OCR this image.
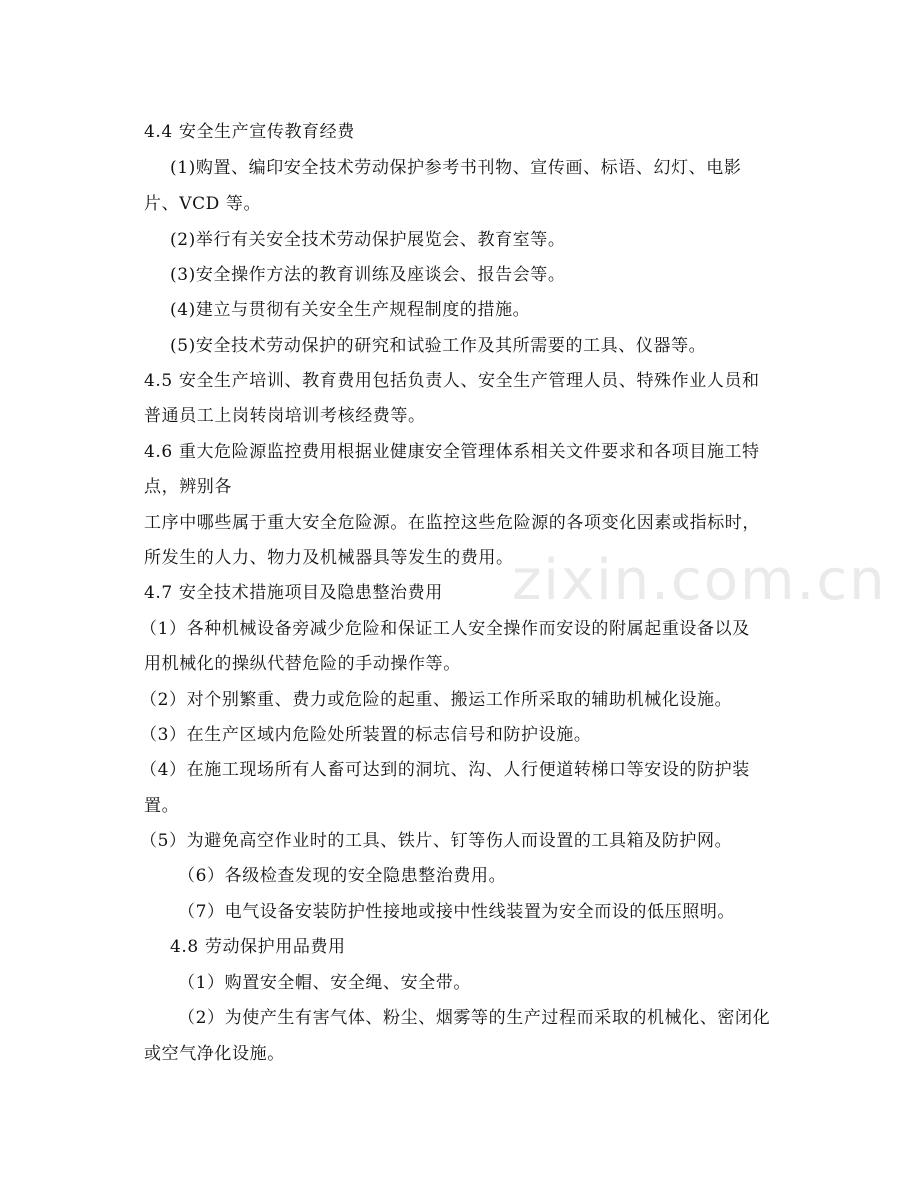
zixin.com.cn
4.4 安全生产宣传教育经费
(1)购置、编印安全技术劳动保护参考书刊物、宣传画、标语、幻灯、电影
片、VCD 等。
(2)举行有关安全技术劳动保护展览会、教育室等。
(3)安全操作方法的教育训练及座谈会、报告会等。
(4)建立与贯彻有关安全生产规程制度的措施。
(5)安全技术劳动保护的研究和试验工作及其所需要的工具、仪器等。
4.5 安全生产培训、教育费用包括负责人、安全生产管理人员、特殊作业人员和
普通员工上岗转岗培训考核经费等。
4.6 重大危险源监控费用根据业健康安全管理体系相关文件要求和各项目施工特
点，辨别各
工序中哪些属于重大安全危险源。在监控这些危险源的各项变化因素或指标时，
所发生的人力、物力及机械器具等发生的费用。
4.7 安全技术措施项目及隐患整治费用
（1）各种机械设备旁减少危险和保证工人安全操作而安设的附属起重设备以及
用机械化的操纵代替危险的手动操作等。
（2）对个别繁重、费力或危险的起重、搬运工作所采取的辅助机械化设施。
（3）在生产区域内危险处所装置的标志信号和防护设施。
（4）在施工现场所有人畜可达到的洞坑、沟、人行便道转梯口等安设的防护装
置。
（5）为避免高空作业时的工具、铁片、钉等伤人而设置的工具箱及防护网。
（6）各级检查发现的安全隐患整治费用。
（7）电气设备安装防护性接地或接中性线装置为安全而设的低压照明。
4.8 劳动保护用品费用
（1）购置安全帽、安全绳、安全带。
（2）为使产生有害气体、粉尘、烟雾等的生产过程而采取的机械化、密闭化
或空气净化设施。
